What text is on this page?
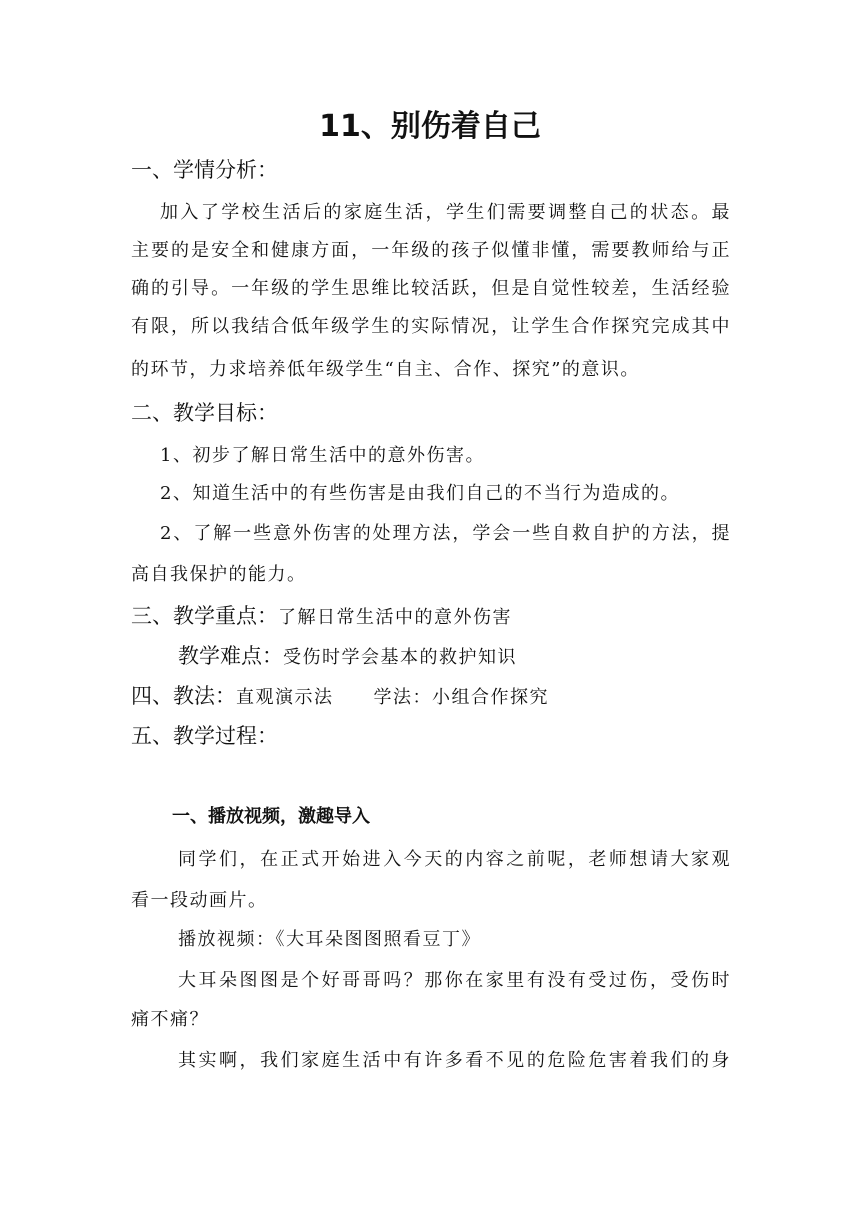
11、别伤着自己
一、学情分析：
加入了学校生活后的家庭生活，学生们需要调整自己的状态。最
主要的是安全和健康方面，一年级的孩子似懂非懂，需要教师给与正
确的引导。一年级的学生思维比较活跃，但是自觉性较差，生活经验
有限，所以我结合低年级学生的实际情况，让学生合作探究完成其中
的环节，力求培养低年级学生“自主、合作、探究”的意识。
二、教学目标：
1、初步了解日常生活中的意外伤害。
2、知道生活中的有些伤害是由我们自己的不当行为造成的。
2、了解一些意外伤害的处理方法，学会一些自救自护的方法，提
高自我保护的能力。
三、教学重点：了解日常生活中的意外伤害
教学难点：受伤时学会基本的救护知识
四、教法：直观演示法 学法：小组合作探究
五、教学过程：
一、播放视频，激趣导入
同学们，在正式开始进入今天的内容之前呢，老师想请大家观
看一段动画片。
播放视频：《大耳朵图图照看豆丁》
大耳朵图图是个好哥哥吗？那你在家里有没有受过伤，受伤时
痛不痛？
其实啊，我们家庭生活中有许多看不见的危险危害着我们的身
